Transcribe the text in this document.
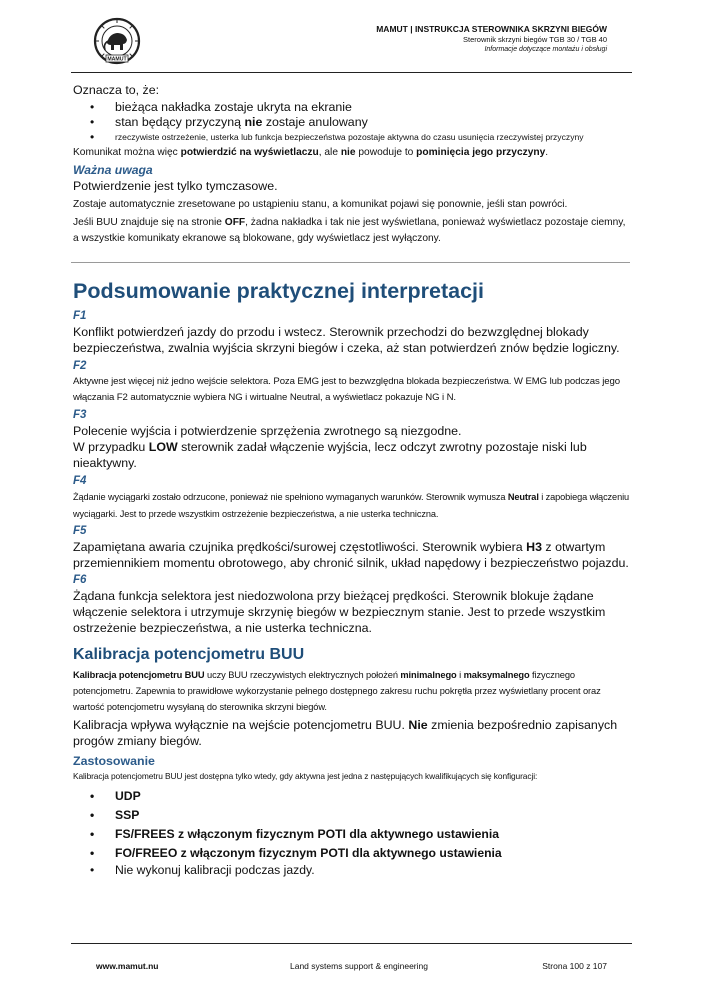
MAMUT
MAMUT | INSTRUKCJA STEROWNIKA SKRZYNI BIEGÓW
Sterownik skrzyni biegów TGB 30 / TGB 40
Informacje dotyczące montażu i obsługi

Oznacza to, że:

• bieżąca nakładka zostaje ukryta na ekranie
• stan będący przyczyną nie zostaje anulowany
• rzeczywiste ostrzeżenie, usterka lub funkcja bezpieczeństwa pozostaje aktywna do czasu usunięcia rzeczywistej przyczyny

Komunikat można więc potwierdzić na wyświetlaczu, ale nie powoduje to pominięcia jego przyczyny.

Ważna uwaga

Potwierdzenie jest tylko tymczasowe.

Zostaje automatycznie zresetowane po ustąpieniu stanu, a komunikat pojawi się ponownie, jeśli stan powróci.

Jeśli BUU znajduje się na stronie OFF, żadna nakładka i tak nie jest wyświetlana, ponieważ wyświetlacz pozostaje ciemny, a wszystkie komunikaty ekranowe są blokowane, gdy wyświetlacz jest wyłączony.

Podsumowanie praktycznej interpretacji
F1

Konflikt potwierdzeń jazdy do przodu i wstecz. Sterownik przechodzi do bezwzględnej blokady bezpieczeństwa, zwalnia wyjścia skrzyni biegów i czeka, aż stan potwierdzeń znów będzie logiczny.

F2

Aktywne jest więcej niż jedno wejście selektora. Poza EMG jest to bezwzględna blokada bezpieczeństwa. W EMG lub podczas jego włączania F2 automatycznie wybiera NG i wirtualne Neutral, a wyświetlacz pokazuje NG i N.

F3

Polecenie wyjścia i potwierdzenie sprzężenia zwrotnego są niezgodne.

W przypadku LOW sterownik zadał włączenie wyjścia, lecz odczyt zwrotny pozostaje niski lub nieaktywny.

F4

Żądanie wyciągarki zostało odrzucone, ponieważ nie spełniono wymaganych warunków. Sterownik wymusza Neutral i zapobiega włączeniu wyciągarki. Jest to przede wszystkim ostrzeżenie bezpieczeństwa, a nie usterka techniczna.

F5

Zapamiętana awaria czujnika prędkości/surowej częstotliwości. Sterownik wybiera H3 z otwartym przemiennikiem momentu obrotowego, aby chronić silnik, układ napędowy i bezpieczeństwo pojazdu.

F6

Żądana funkcja selektora jest niedozwolona przy bieżącej prędkości. Sterownik blokuje żądane włączenie selektora i utrzymuje skrzynię biegów w bezpiecznym stanie. Jest to przede wszystkim ostrzeżenie bezpieczeństwa, a nie usterka techniczna.

Kalibracja potencjometru BUU

Kalibracja potencjometru BUU uczy BUU rzeczywistych elektrycznych położeń minimalnego i maksymalnego fizycznego potencjometru. Zapewnia to prawidłowe wykorzystanie pełnego dostępnego zakresu ruchu pokrętła przez wyświetlany procent oraz wartość potencjometru wysyłaną do sterownika skrzyni biegów.

Kalibracja wpływa wyłącznie na wejście potencjometru BUU. Nie zmienia bezpośrednio zapisanych progów zmiany biegów.

Zastosowanie

Kalibracja potencjometru BUU jest dostępna tylko wtedy, gdy aktywna jest jedna z następujących kwalifikujących się konfiguracji:

• UDP
• SSP
• FS/FREES z włączonym fizycznym POTI dla aktywnego ustawienia
• FO/FREEO z włączonym fizycznym POTI dla aktywnego ustawienia
• Nie wykonuj kalibracji podczas jazdy.
www.mamut.nu	Land systems support & engineering	Strona 100 z 107
